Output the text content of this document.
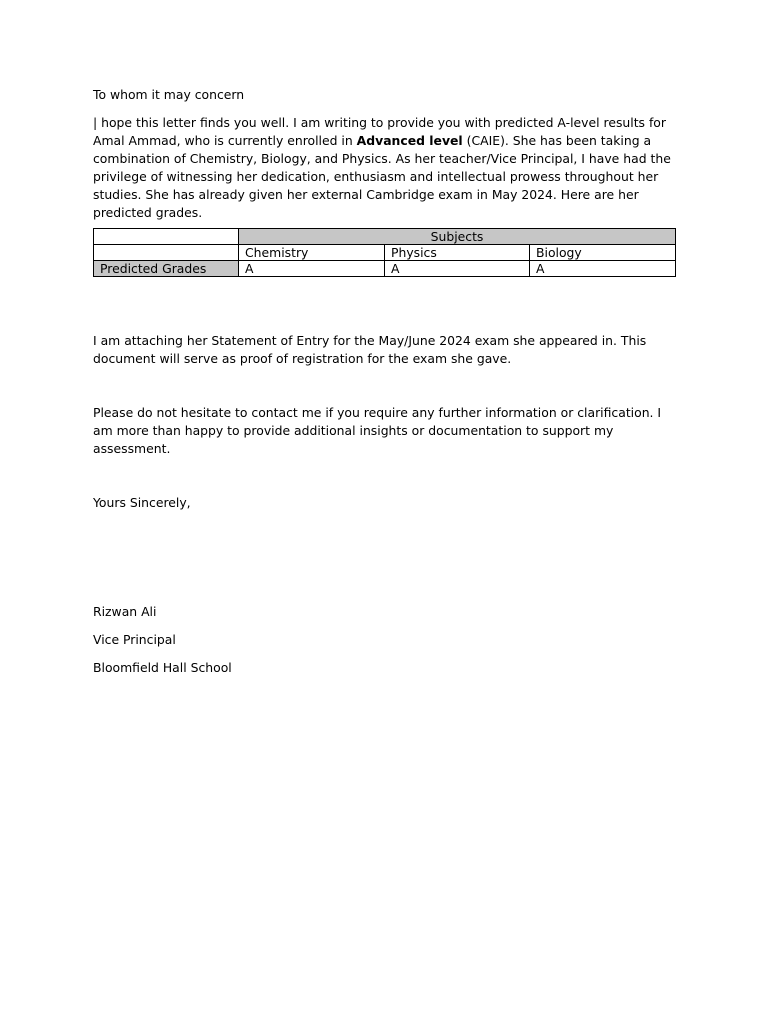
To whom it may concern

| hope this letter finds you well. I am writing to provide you with predicted A-level results for Amal Ammad, who is currently enrolled in Advanced level (CAIE). She has been taking a combination of Chemistry, Biology, and Physics. As her teacher/Vice Principal, I have had the privilege of witnessing her dedication, enthusiasm and intellectual prowess throughout her studies. She has already given her external Cambridge exam in May 2024. Here are her predicted grades.

	Subjects		
	Chemistry	Physics	Biology
Predicted Grades	A	A	A

I am attaching her Statement of Entry for the May/June 2024 exam she appeared in. This document will serve as proof of registration for the exam she gave.

Please do not hesitate to contact me if you require any further information or clarification. I am more than happy to provide additional insights or documentation to support my assessment.

Yours Sincerely,

Rizwan Ali

Vice Principal

Bloomfield Hall School
